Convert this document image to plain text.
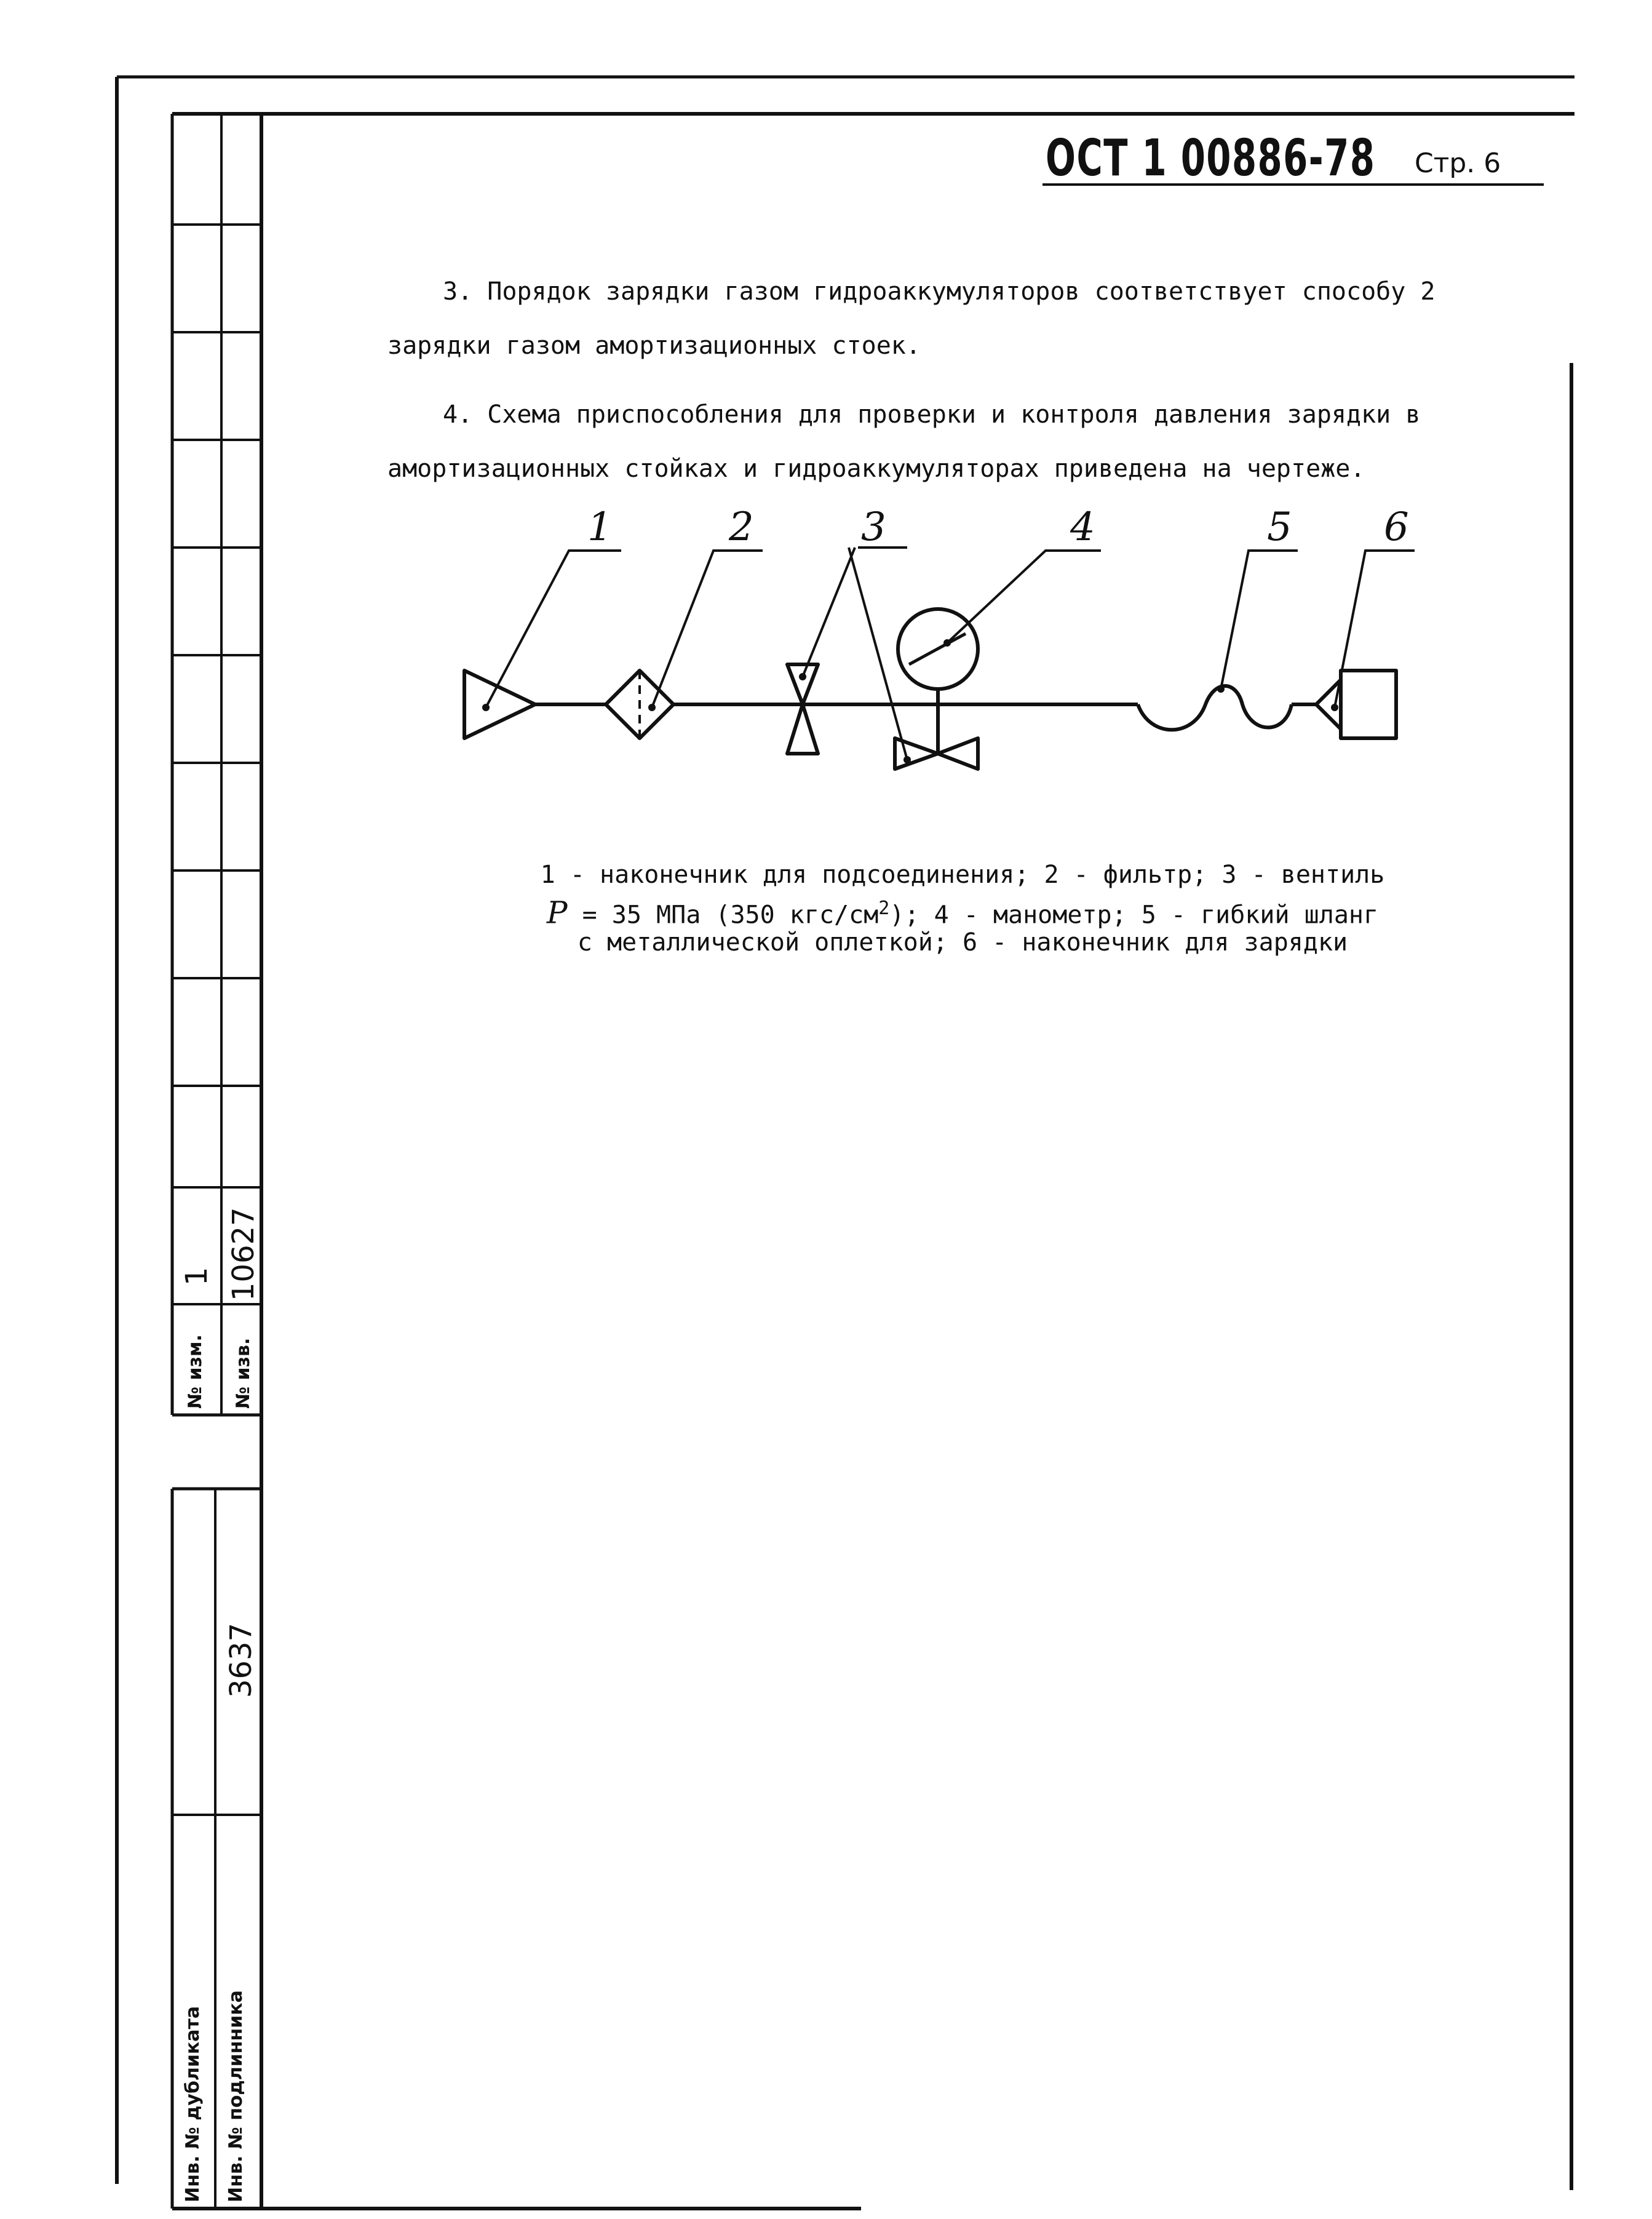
ОСТ 1 00886-78 Стр. 6
3. Порядок зарядки газом гидроаккумуляторов соответствует способу 2 зарядки газом амортизационных стоек.
4. Схема приспособления для проверки и контроля давления зарядки в амортизационных стойках и гидроаккумуляторах приведена на чертеже.
1	2	3	4	5 6
1 - наконечник для подсоединения; 2 - фильтр; 3 - вентиль
P = 35 МПа (350 кгс/$см^2$); 4 - манометр; 5 - гибкий шланг
с металлической оплеткой; 6 - наконечник для зарядки
№ изм.
1
№ изв.
10627
Инв. № дубликата Инв. № подлинника
3637
